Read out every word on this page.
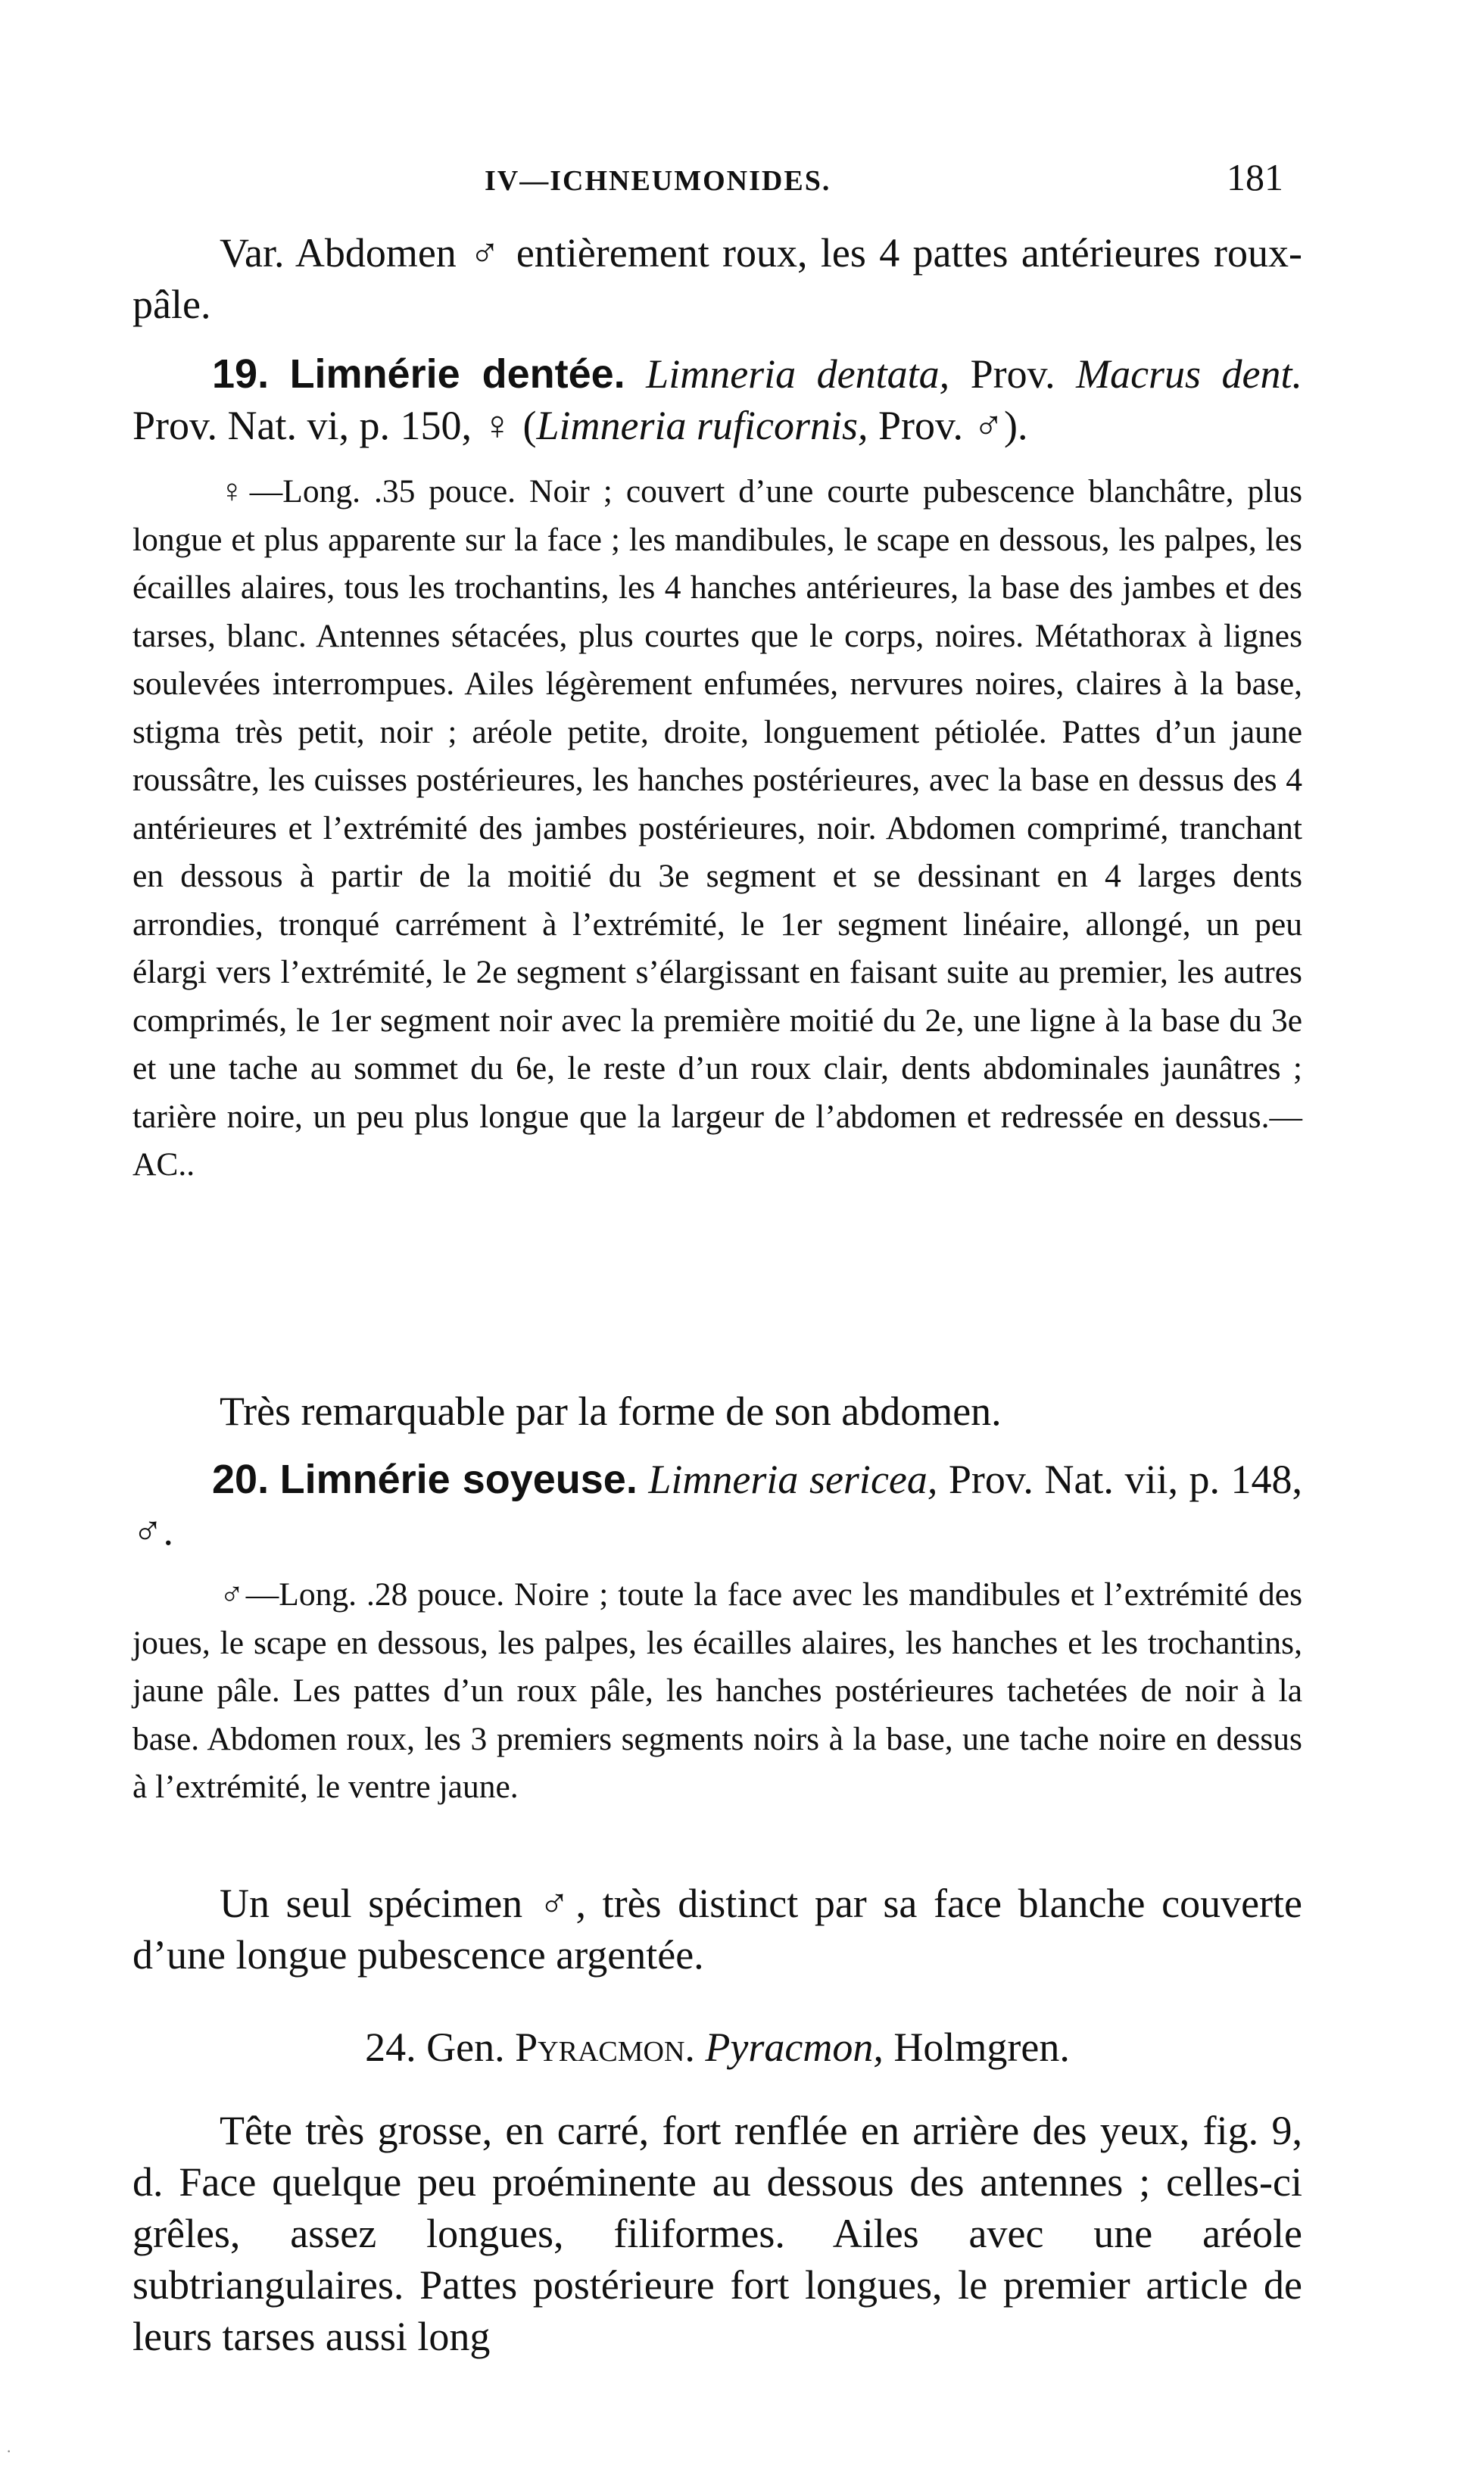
IV—ICHNEUMONIDES.	181

Var. Abdomen ♂ entièrement roux, les 4 pattes antérieures roux-pâle.

19. Limnérie dentée. Limneria dentata, Prov. Macrus dent. Prov. Nat. vi, p. 150, ♀ (Limneria ruficornis, Prov. ♂).

♀—Long. .35 pouce. Noir ; couvert d’une courte pubescence blanchâtre, plus longue et plus apparente sur la face ; les mandibules, le scape en dessous, les palpes, les écailles alaires, tous les trochantins, les 4 hanches antérieures, la base des jambes et des tarses, blanc. Antennes sétacées, plus courtes que le corps, noires. Métathorax à lignes soulevées interrompues. Ailes légèrement enfumées, nervures noires, claires à la base, stigma très petit, noir ; aréole petite, droite, longuement pétiolée. Pattes d’un jaune roussâtre, les cuisses postérieures, les hanches postérieures, avec la base en dessus des 4 antérieures et l’extrémité des jambes postérieures, noir. Abdomen comprimé, tranchant en dessous à partir de la moitié du 3e segment et se dessinant en 4 larges dents arrondies, tronqué carrément à l’extrémité, le 1er segment linéaire, allongé, un peu élargi vers l’extrémité, le 2e segment s’élargissant en faisant suite au premier, les autres comprimés, le 1er segment noir avec la première moitié du 2e, une ligne à la base du 3e et une tache au sommet du 6e, le reste d’un roux clair, dents abdominales jaunâtres ; tarière noire, un peu plus longue que la largeur de l’abdomen et redressée en dessus.—AC..

Très remarquable par la forme de son abdomen.

20. Limnérie soyeuse. Limneria sericea, Prov. Nat. vii, p. 148, ♂.

♂—Long. .28 pouce. Noire ; toute la face avec les mandibules et l’extrémité des joues, le scape en dessous, les palpes, les écailles alaires, les hanches et les trochantins, jaune pâle. Les pattes d’un roux pâle, les hanches postérieures tachetées de noir à la base. Abdomen roux, les 3 premiers segments noirs à la base, une tache noire en dessus à l’extrémité, le ventre jaune.

Un seul spécimen ♂, très distinct par sa face blanche couverte d’une longue pubescence argentée.

24. Gen. Pyracmon. Pyracmon, Holmgren.

Tête très grosse, en carré, fort renflée en arrière des yeux, fig. 9, d. Face quelque peu proéminente au dessous des antennes ; celles-ci grêles, assez longues, filiformes. Ailes avec une aréole subtriangulaires. Pattes postérieure fort longues, le premier article de leurs tarses aussi long

·
